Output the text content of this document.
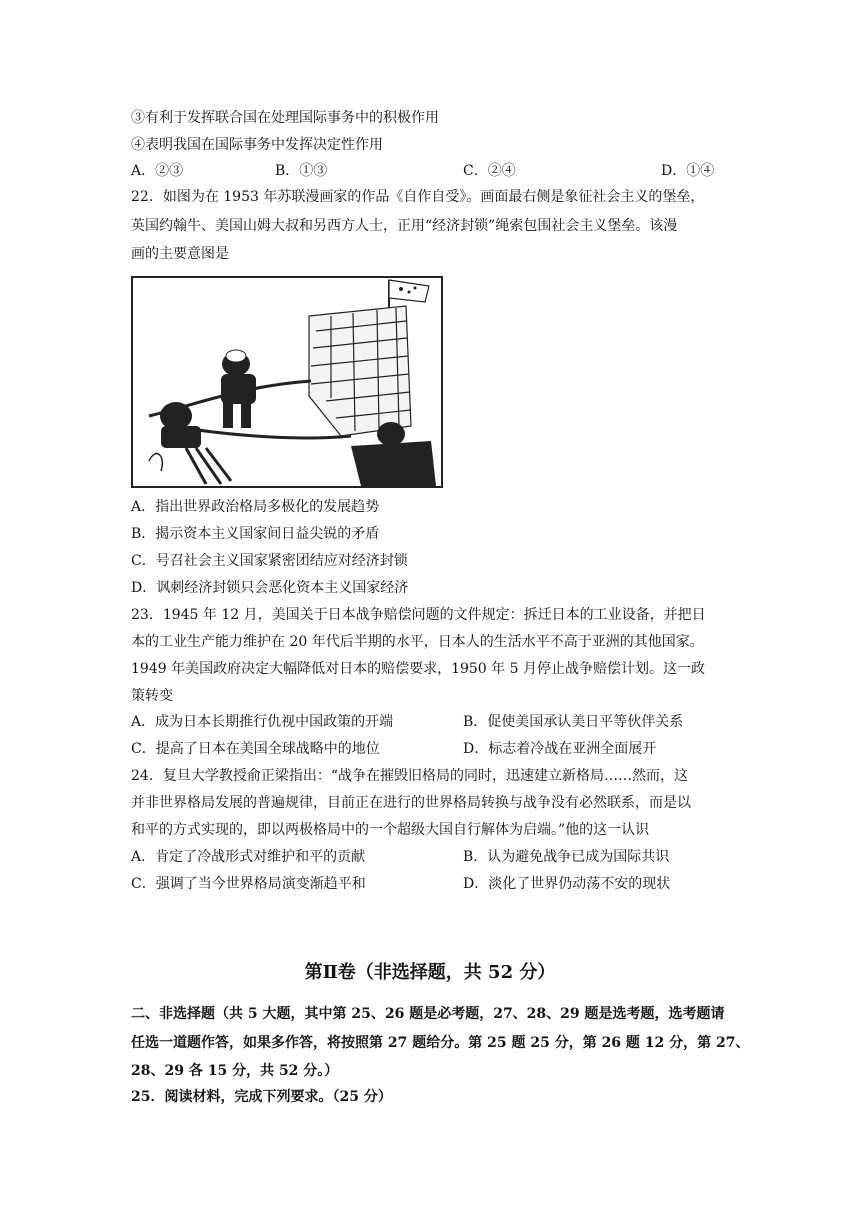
③有利于发挥联合国在处理国际事务中的积极作用
④表明我国在国际事务中发挥决定性作用
A．②③	B．①③	C．②④	D．①④
22．如图为在 1953 年苏联漫画家的作品《自作自受》。画面最右侧是象征社会主义的堡垒，
英国约翰牛、美国山姆大叔和另西方人士，正用“经济封锁”绳索包围社会主义堡垒。该漫
画的主要意图是
A．指出世界政治格局多极化的发展趋势
B．揭示资本主义国家间日益尖锐的矛盾
C．号召社会主义国家紧密团结应对经济封锁
D．讽刺经济封锁只会恶化资本主义国家经济
23．1945 年 12 月，美国关于日本战争赔偿问题的文件规定：拆迁日本的工业设备，并把日
本的工业生产能力维护在 20 年代后半期的水平，日本人的生活水平不高于亚洲的其他国家。
1949 年美国政府决定大幅降低对日本的赔偿要求，1950 年 5 月停止战争赔偿计划。这一政
策转变
A．成为日本长期推行仇视中国政策的开端	B．促使美国承认美日平等伙伴关系
C．提高了日本在美国全球战略中的地位	D．标志着冷战在亚洲全面展开
24．复旦大学教授俞正梁指出：“战争在摧毁旧格局的同时，迅速建立新格局……然而，这
并非世界格局发展的普遍规律，目前正在进行的世界格局转换与战争没有必然联系，而是以
和平的方式实现的，即以两极格局中的一个超级大国自行解体为启端。”他的这一认识
A．肯定了冷战形式对维护和平的贡献	B．认为避免战争已成为国际共识
C．强调了当今世界格局演变渐趋平和	D．淡化了世界仍动荡不安的现状
第Ⅱ卷（非选择题，共 52 分）
二、非选择题（共 5 大题，其中第 25、26 题是必考题，27、28、29 题是选考题，选考题请
任选一道题作答，如果多作答，将按照第 27 题给分。第 25 题 25 分，第 26 题 12 分，第 27、
28、29 各 15 分，共 52 分。）
25．阅读材料，完成下列要求。（25 分）
